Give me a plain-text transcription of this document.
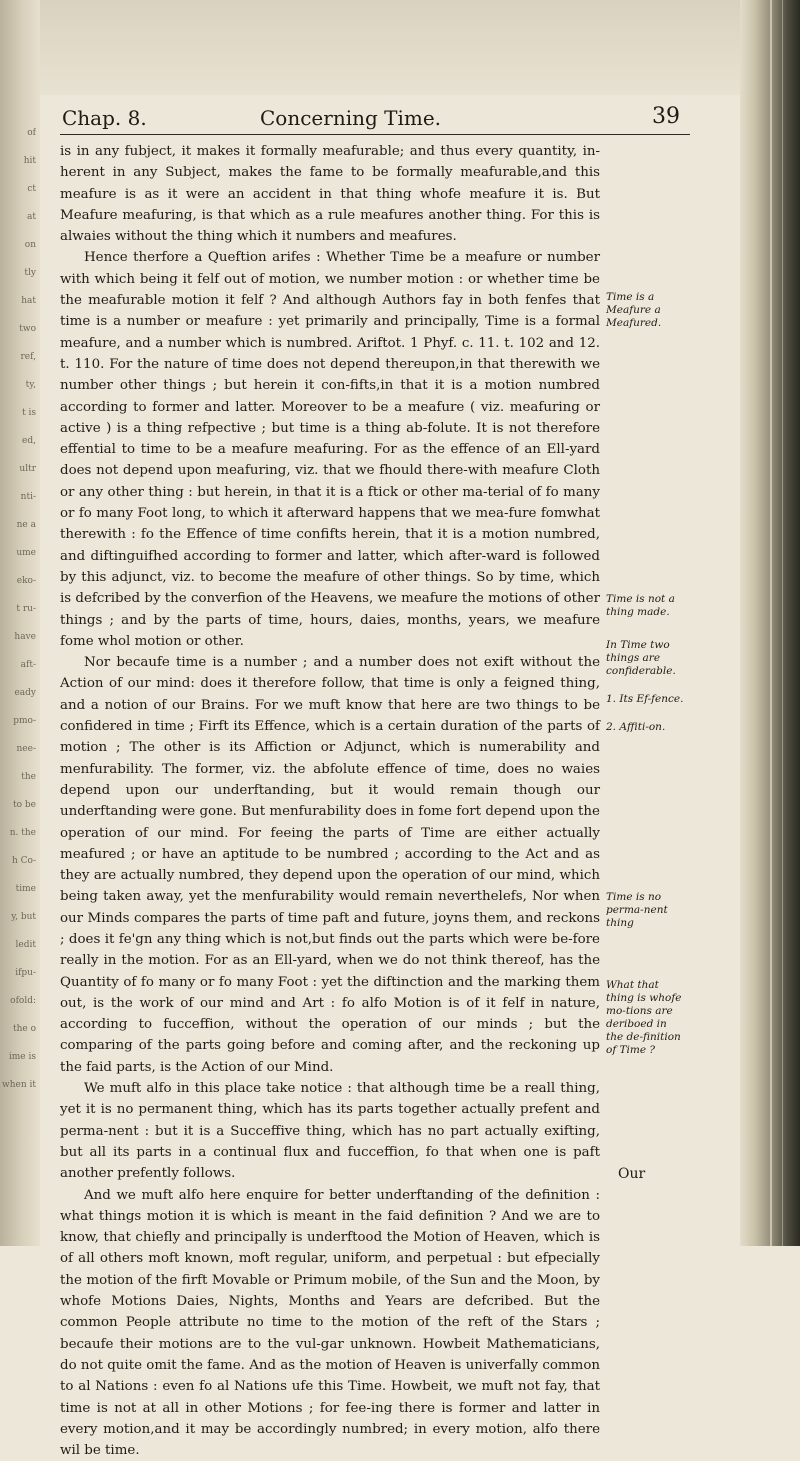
of
hit
ct
at
on
tly
hat
two
ref,
ty,
t is
ed,
ultr
nti-
ne a
ume
eko-
t ru-
have
aft-
eady
pmo-
nee-
the
to be
n. the
h Co-
time
y, but
ledit
ifpu-
ofold:
the o
ime is
when it
Chap. 8.	Concerning Time.	39

is in any fubject, it makes it formally meafurable; and thus every quantity, in-herent in any Subject, makes the fame to be formally meafurable,and this meafure is as it were an accident in that thing whofe meafure it is. But Meafure meafuring, is that which as a rule meafures another thing. For this is alwaies without the thing which it numbers and meafures.

Hence therfore a Queftion arifes : Whether Time be a meafure or number with which being it felf out of motion, we number motion : or whether time be the meafurable motion it felf ? And although Authors fay in both fenfes that time is a number or meafure : yet primarily and principally, Time is a formal meafure, and a number which is numbred. Ariftot. 1 Phyf. c. 11. t. 102 and 12. t. 110. For the nature of time does not depend thereupon,in that therewith we number other things ; but herein it con-fifts,in that it is a motion numbred according to former and latter. Moreover to be a meafure ( viz. meafuring or active ) is a thing refpective ; but time is a thing ab-folute. It is not therefore effential to time to be a meafure meafuring. For as the effence of an Ell-yard does not depend upon meafuring, viz. that we fhould there-with meafure Cloth or any other thing : but herein, in that it is a ftick or other ma-terial of fo many or fo many Foot long, to which it afterward happens that we mea-fure fomwhat therewith : fo the Effence of time confifts herein, that it is a motion numbred, and diftinguifhed according to former and latter, which after-ward is followed by this adjunct, viz. to become the meafure of other things. So by time, which is defcribed by the converfion of the Heavens, we meafure the motions of other things ; and by the parts of time, hours, daies, months, years, we meafure fome whol motion or other.

Nor becaufe time is a number ; and a number does not exift without the Action of our mind: does it therefore follow, that time is only a feigned thing, and a notion of our Brains. For we muft know that here are two things to be confidered in time ; Firft its Effence, which is a certain duration of the parts of motion ; The other is its Affiction or Adjunct, which is numerability and menfurability. The former, viz. the abfolute effence of time, does no waies depend upon our underftanding, but it would remain though our underftanding were gone. But menfurability does in fome fort depend upon the operation of our mind. For feeing the parts of Time are either actually meafured ; or have an aptitude to be numbred ; according to the Act and as they are actually numbred, they depend upon the operation of our mind, which being taken away, yet the menfurability would remain neverthelefs, Nor when our Minds compares the parts of time paft and future, joyns them, and reckons ; does it fe'gn any thing which is not,but finds out the parts which were be-fore really in the motion. For as an Ell-yard, when we do not think thereof, has the Quantity of fo many or fo many Foot : yet the diftinction and the marking them out, is the work of our mind and Art : fo alfo Motion is of it felf in nature, according to fucceffion, without the operation of our minds ; but the comparing of the parts going before and coming after, and the reckoning up the faid parts, is the Action of our Mind.

We muft alfo in this place take notice : that although time be a reall thing, yet it is no permanent thing, which has its parts together actually prefent and perma-nent : but it is a Succeffive thing, which has no part actually exifting, but all its parts in a continual flux and fucceffion, fo that when one is paft another prefently follows.

And we muft alfo here enquire for better underftanding of the definition : what things motion it is which is meant in the faid definition ? And we are to know, that chiefly and principally is underftood the Motion of Heaven, which is of all others moft known, moft regular, uniform, and perpetual : but efpecially the motion of the firft Movable or Primum mobile, of the Sun and the Moon, by whofe Motions Daies, Nights, Months and Years are defcribed. But the common People attribute no time to the motion of the reft of the Stars ; becaufe their motions are to the vul-gar unknown. Howbeit Mathematicians, do not quite omit the fame. And as the motion of Heaven is univerfally common to al Nations : even fo al Nations ufe this Time. Howbeit, we muft not fay, that time is not at all in other Motions ; for fee-ing there is former and latter in every motion,and it may be accordingly numbred; in every motion, alfo there wil be time.

Time is a Meafure a Meafured.
Time is not a thing made.
In Time two things are confiderable.
1. Its Ef-fence.
2. Affiti-on.
Time is no perma-nent thing
What that thing is whofe mo-tions are deriboed in the de-finition of Time ?
Our
